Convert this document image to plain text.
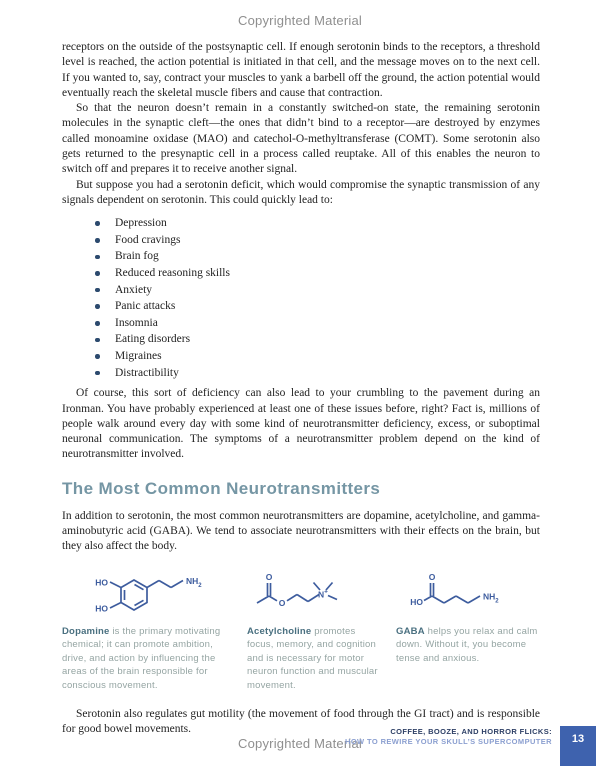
Copyrighted Material

receptors on the outside of the postsynaptic cell. If enough serotonin binds to the receptors, a threshold level is reached, the action potential is initiated in that cell, and the message moves on to the next cell. If you wanted to, say, contract your muscles to yank a barbell off the ground, the action potential would eventually reach the skeletal muscle fibers and cause that contraction.

So that the neuron doesn’t remain in a constantly switched-on state, the remaining serotonin molecules in the synaptic cleft—the ones that didn’t bind to a receptor—are destroyed by enzymes called monoamine oxidase (MAO) and catechol-O-methyltransferase (COMT). Some serotonin also gets returned to the presynaptic cell in a process called reuptake. All of this enables the neuron to switch off and prepares it to receive another signal.

But suppose you had a serotonin deficit, which would compromise the synaptic transmission of any signals dependent on serotonin. This could quickly lead to:

Depression
Food cravings
Brain fog
Reduced reasoning skills
Anxiety
Panic attacks
Insomnia
Eating disorders
Migraines
Distractibility

Of course, this sort of deficiency can also lead to your crumbling to the pavement during an Ironman. You have probably experienced at least one of these issues before, right? Fact is, millions of people walk around every day with some kind of neurotransmitter deficiency, excess, or suboptimal neuronal communication. The symptoms of a neurotransmitter problem depend on the kind of neurotransmitter involved.

The Most Common Neurotransmitters

In addition to serotonin, the most common neurotransmitters are dopamine, acetylcholine, and gamma-aminobutyric acid (GABA). We tend to associate neurotransmitters with their effects on the brain, but they also affect the body.

HO
HO
$NH_2$

Dopamine is the primary motivating chemical; it can promote ambition, drive, and action by influencing the areas of the brain responsible for conscious movement.

O
O
N+

Acetylcholine promotes focus, memory, and cognition and is necessary for motor neuron function and muscular movement.

O
HO
$NH_2$

GABA helps you relax and calm down. Without it, you become tense and anxious.

Serotonin also regulates gut motility (the movement of food through the GI tract) and is responsible for good bowel movements.

Copyrighted Material
COFFEE, BOOZE, AND HORROR FLICKS:
HOW TO REWIRE YOUR SKULL’S SUPERCOMPUTER	13
